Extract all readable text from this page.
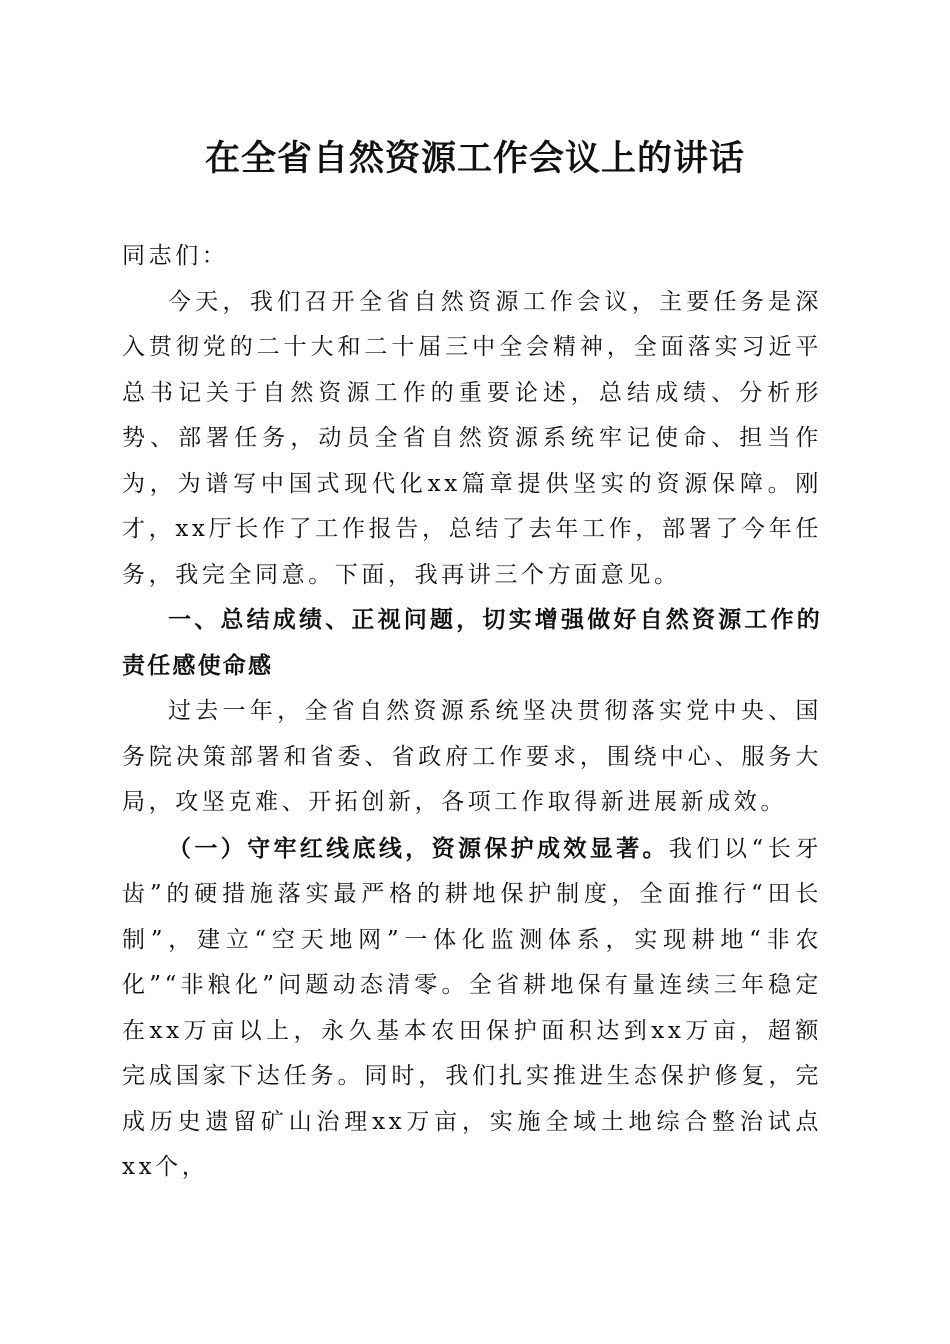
在全省自然资源工作会议上的讲话

同志们：

今天，我们召开全省自然资源工作会议，主要任务是深入贯彻党的二十大和二十届三中全会精神，全面落实习近平总书记关于自然资源工作的重要论述，总结成绩、分析形势、部署任务，动员全省自然资源系统牢记使命、担当作为，为谱写中国式现代化xx篇章提供坚实的资源保障。刚才，xx厅长作了工作报告，总结了去年工作，部署了今年任务，我完全同意。下面，我再讲三个方面意见。

一、总结成绩、正视问题，切实增强做好自然资源工作的责任感使命感

过去一年，全省自然资源系统坚决贯彻落实党中央、国务院决策部署和省委、省政府工作要求，围绕中心、服务大局，攻坚克难、开拓创新，各项工作取得新进展新成效。

（一）守牢红线底线，资源保护成效显著。我们以“长牙齿”的硬措施落实最严格的耕地保护制度，全面推行“田长制”，建立“空天地网”一体化监测体系，实现耕地“非农化”“非粮化”问题动态清零。全省耕地保有量连续三年稳定在xx万亩以上，永久基本农田保护面积达到xx万亩，超额完成国家下达任务。同时，我们扎实推进生态保护修复，完成历史遗留矿山治理xx万亩，实施全域土地综合整治试点xx个，
